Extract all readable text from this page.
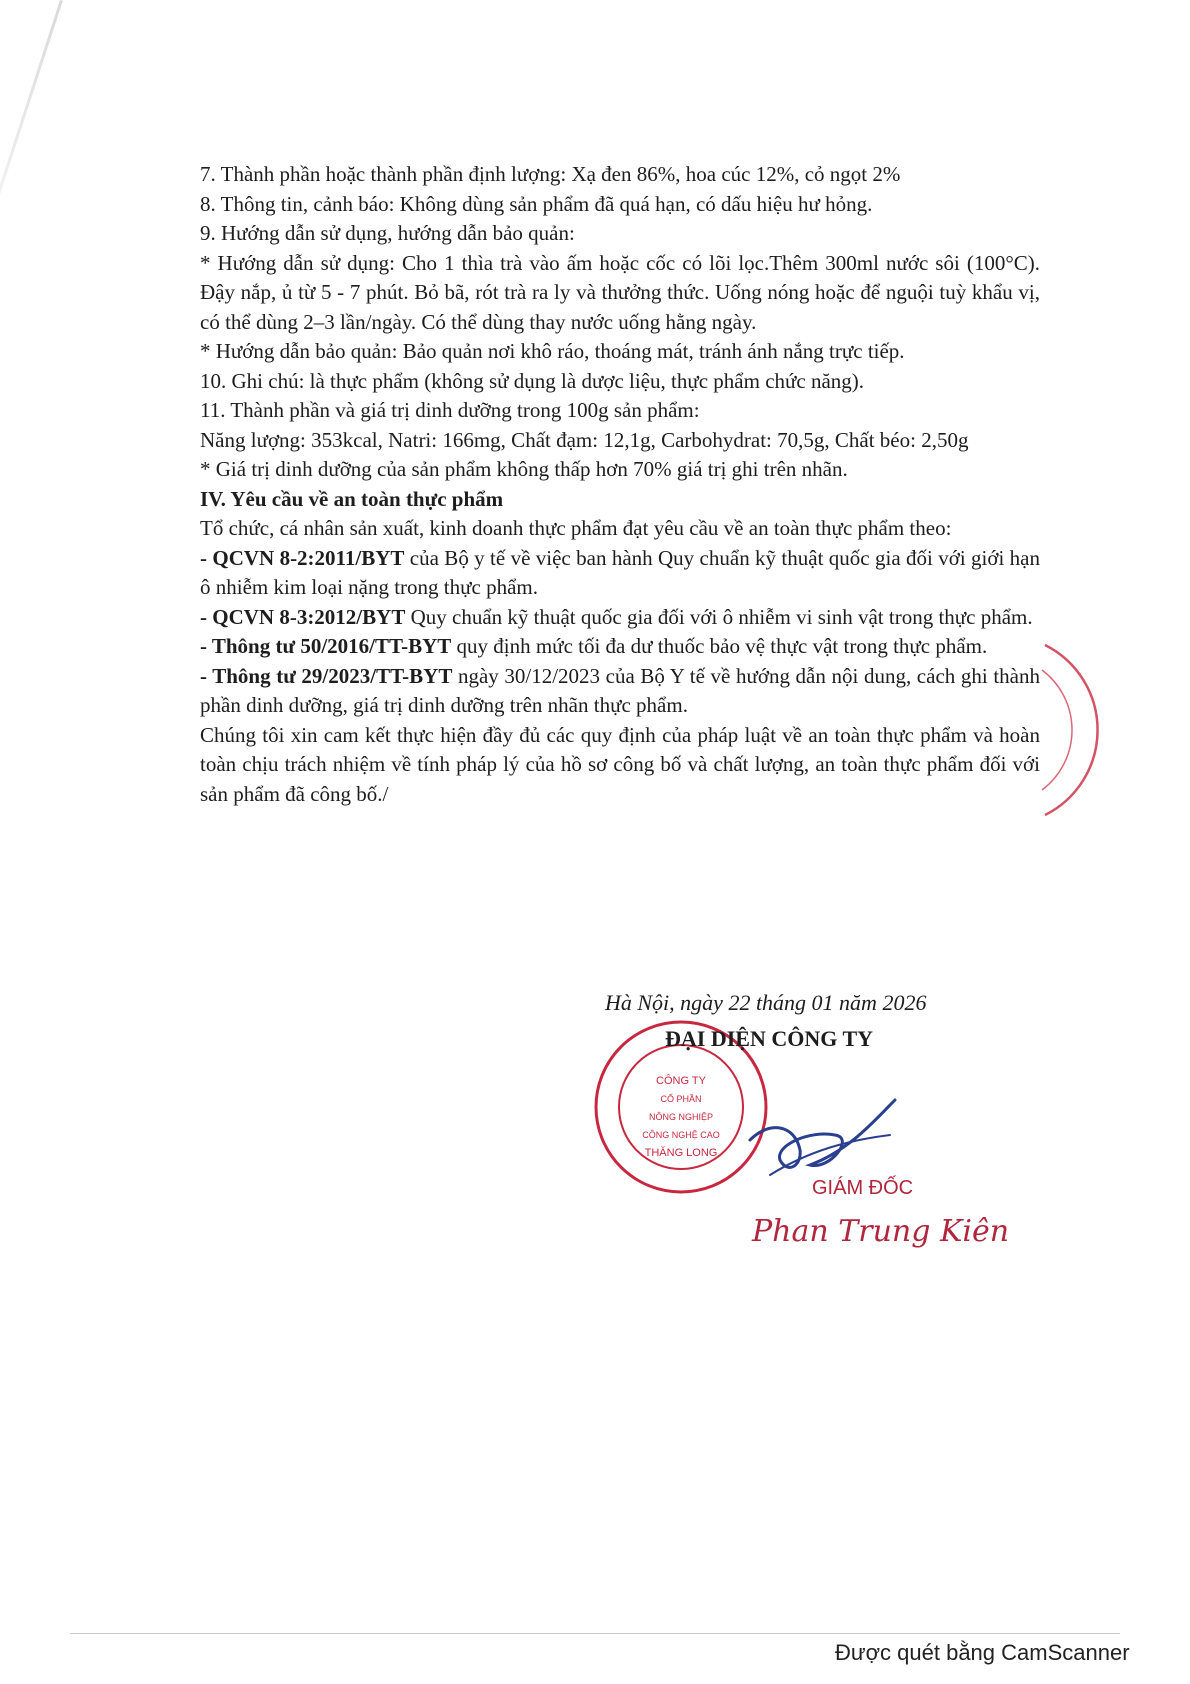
7. Thành phần hoặc thành phần định lượng: Xạ đen 86%, hoa cúc 12%, cỏ ngọt 2%

8. Thông tin, cảnh báo: Không dùng sản phẩm đã quá hạn, có dấu hiệu hư hỏng.

9. Hướng dẫn sử dụng, hướng dẫn bảo quản:

* Hướng dẫn sử dụng: Cho 1 thìa trà vào ấm hoặc cốc có lõi lọc.Thêm 300ml nước sôi (100°C). Đậy nắp, ủ từ 5 - 7 phút. Bỏ bã, rót trà ra ly và thưởng thức. Uống nóng hoặc để nguội tuỳ khẩu vị, có thể dùng 2–3 lần/ngày. Có thể dùng thay nước uống hằng ngày.

* Hướng dẫn bảo quản: Bảo quản nơi khô ráo, thoáng mát, tránh ánh nắng trực tiếp.

10. Ghi chú: là thực phẩm (không sử dụng là dược liệu, thực phẩm chức năng).

11. Thành phần và giá trị dinh dưỡng trong 100g sản phẩm:

Năng lượng: 353kcal, Natri: 166mg, Chất đạm: 12,1g, Carbohydrat: 70,5g, Chất béo: 2,50g

* Giá trị dinh dưỡng của sản phẩm không thấp hơn 70% giá trị ghi trên nhãn.

IV. Yêu cầu về an toàn thực phẩm

Tổ chức, cá nhân sản xuất, kinh doanh thực phẩm đạt yêu cầu về an toàn thực phẩm theo:

- QCVN 8-2:2011/BYT của Bộ y tế về việc ban hành Quy chuẩn kỹ thuật quốc gia đối với giới hạn ô nhiễm kim loại nặng trong thực phẩm.

- QCVN 8-3:2012/BYT Quy chuẩn kỹ thuật quốc gia đối với ô nhiễm vi sinh vật trong thực phẩm.

- Thông tư 50/2016/TT-BYT quy định mức tối đa dư thuốc bảo vệ thực vật trong thực phẩm.

- Thông tư 29/2023/TT-BYT ngày 30/12/2023 của Bộ Y tế về hướng dẫn nội dung, cách ghi thành phần dinh dưỡng, giá trị dinh dưỡng trên nhãn thực phẩm.

Chúng tôi xin cam kết thực hiện đầy đủ các quy định của pháp luật về an toàn thực phẩm và hoàn toàn chịu trách nhiệm về tính pháp lý của hồ sơ công bố và chất lượng, an toàn thực phẩm đối với sản phẩm đã công bố./

Hà Nội, ngày 22 tháng 01 năm 2026
CÔNG TY
CỔ PHẦN
NÔNG NGHIỆP
CÔNG NGHỆ CAO
THĂNG LONG
ĐẠI DIỆN CÔNG TY
GIÁM ĐỐC
Phan Trung Kiên
Được quét bằng CamScanner
